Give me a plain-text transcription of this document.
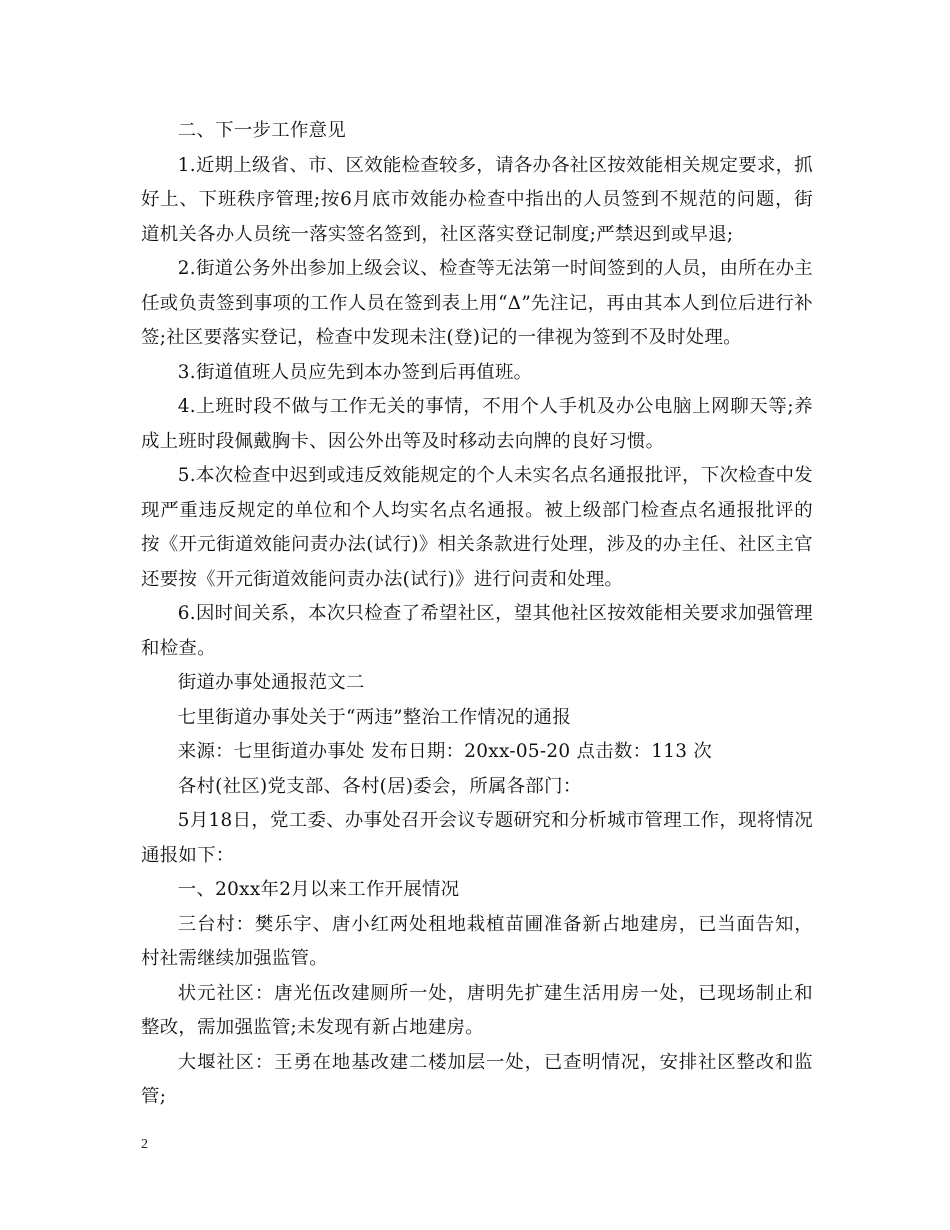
二、下一步工作意见

1.近期上级省、市、区效能检查较多，请各办各社区按效能相关规定要求，抓好上、下班秩序管理;按6月底市效能办检查中指出的人员签到不规范的问题，街道机关各办人员统一落实签名签到，社区落实登记制度;严禁迟到或早退;

2.街道公务外出参加上级会议、检查等无法第一时间签到的人员，由所在办主任或负责签到事项的工作人员在签到表上用“Δ”先注记，再由其本人到位后进行补签;社区要落实登记，检查中发现未注(登)记的一律视为签到不及时处理。

3.街道值班人员应先到本办签到后再值班。

4.上班时段不做与工作无关的事情，不用个人手机及办公电脑上网聊天等;养成上班时段佩戴胸卡、因公外出等及时移动去向牌的良好习惯。

5.本次检查中迟到或违反效能规定的个人未实名点名通报批评，下次检查中发现严重违反规定的单位和个人均实名点名通报。被上级部门检查点名通报批评的按《开元街道效能问责办法(试行)》相关条款进行处理，涉及的办主任、社区主官还要按《开元街道效能问责办法(试行)》进行问责和处理。

6.因时间关系，本次只检查了希望社区，望其他社区按效能相关要求加强管理和检查。

街道办事处通报范文二

七里街道办事处关于“两违”整治工作情况的通报

来源：七里街道办事处 发布日期：20xx-05-20 点击数：113 次

各村(社区)党支部、各村(居)委会，所属各部门：

5月18日，党工委、办事处召开会议专题研究和分析城市管理工作，现将情况通报如下：

一、20xx年2月以来工作开展情况

三台村：樊乐宇、唐小红两处租地栽植苗圃准备新占地建房，已当面告知，村社需继续加强监管。

状元社区：唐光伍改建厕所一处，唐明先扩建生活用房一处，已现场制止和整改，需加强监管;未发现有新占地建房。

大堰社区：王勇在地基改建二楼加层一处，已查明情况，安排社区整改和监管;

2
